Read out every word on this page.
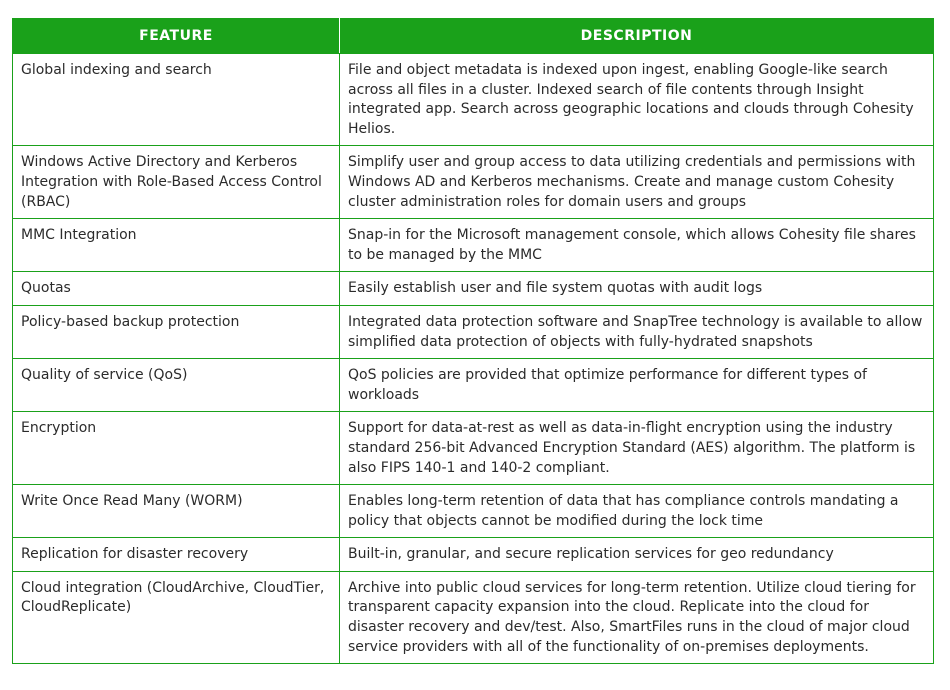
FEATURE	DESCRIPTION
Global indexing and search	File and object metadata is indexed upon ingest, enabling Google-like search across all files in a cluster. Indexed search of file contents through Insight integrated app. Search across geographic locations and clouds through Cohesity Helios.
Windows Active Directory and Kerberos Integration with Role-Based Access Control (RBAC)	Simplify user and group access to data utilizing credentials and permissions with Windows AD and Kerberos mechanisms. Create and manage custom Cohesity cluster administration roles for domain users and groups
MMC Integration	Snap-in for the Microsoft management console, which allows Cohesity file shares to be managed by the MMC
Quotas	Easily establish user and file system quotas with audit logs
Policy-based backup protection	Integrated data protection software and SnapTree technology is available to allow simplified data protection of objects with fully-hydrated snapshots
Quality of service (QoS)	QoS policies are provided that optimize performance for different types of workloads
Encryption	Support for data-at-rest as well as data-in-flight encryption using the industry standard 256-bit Advanced Encryption Standard (AES) algorithm. The platform is also FIPS 140-1 and 140-2 compliant.
Write Once Read Many (WORM)	Enables long-term retention of data that has compliance controls mandating a policy that objects cannot be modified during the lock time
Replication for disaster recovery	Built-in, granular, and secure replication services for geo redundancy
Cloud integration (CloudArchive, CloudTier, CloudReplicate)	Archive into public cloud services for long-term retention. Utilize cloud tiering for transparent capacity expansion into the cloud. Replicate into the cloud for disaster recovery and dev/test. Also, SmartFiles runs in the cloud of major cloud service providers with all of the functionality of on-premises deployments.
